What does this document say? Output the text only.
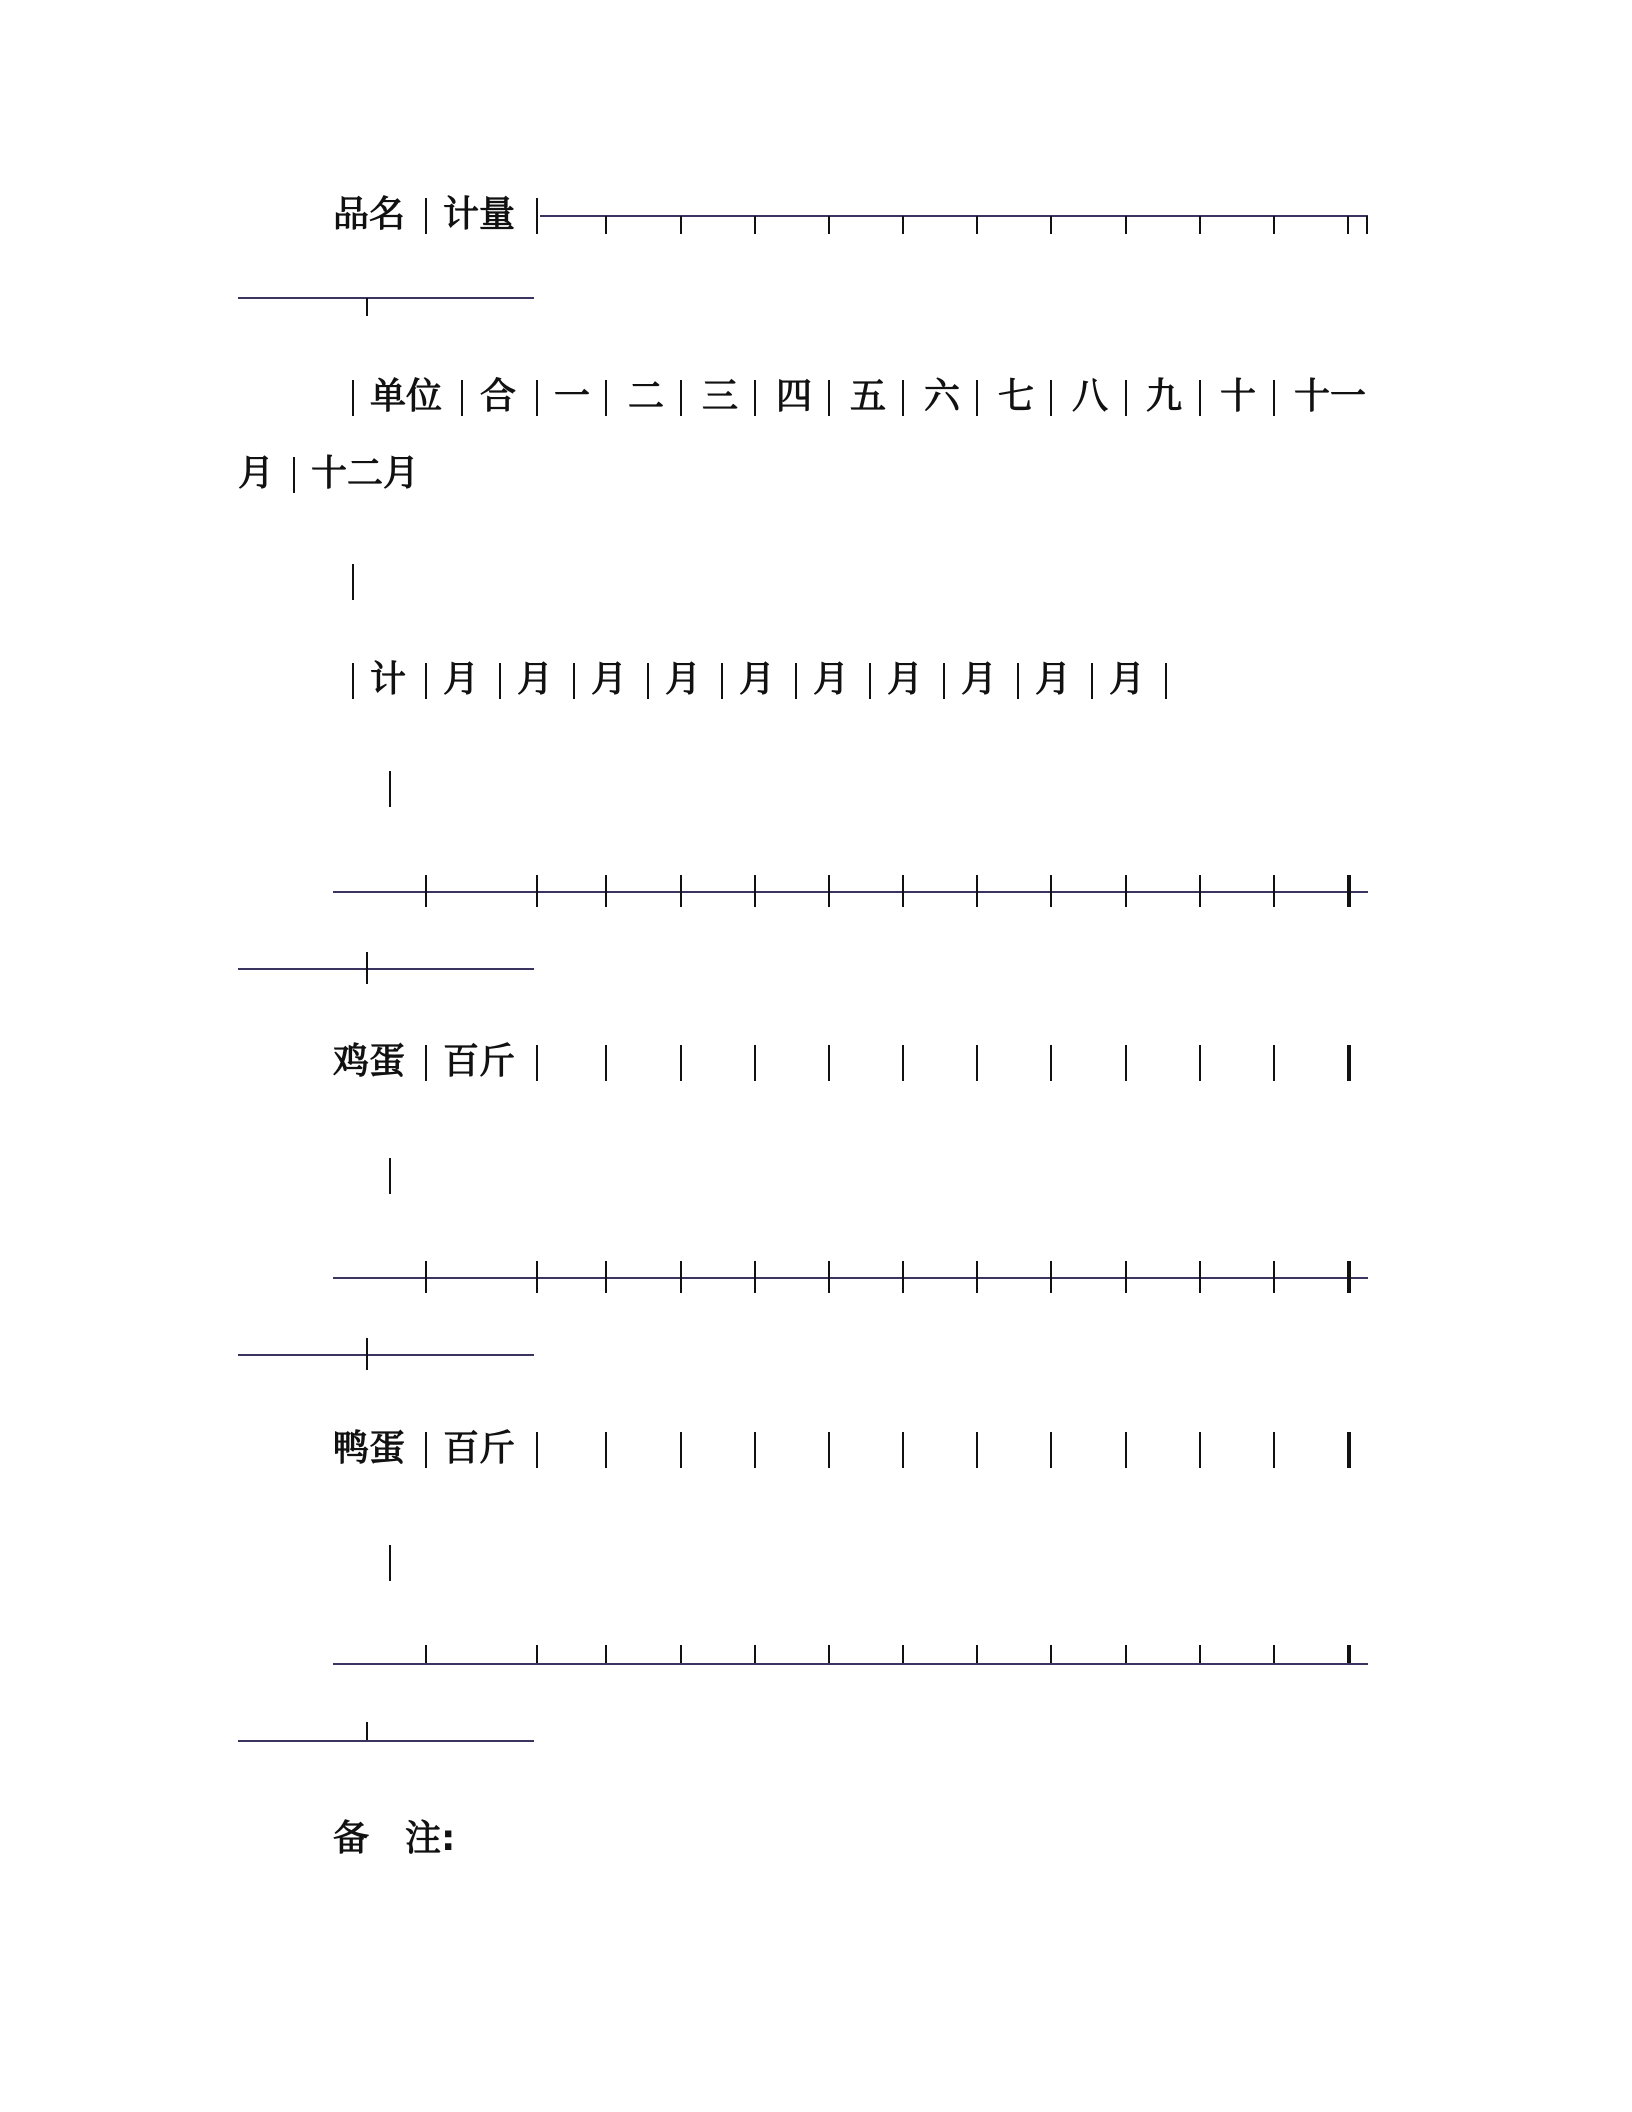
品名 计量
单位 合 一 二 三 四 五 六 七 八 九 十 十一
月 十二月
计 月 月 月 月 月 月 月 月 月 月
鸡蛋 百斤
鸭蛋 百斤
备　注:
